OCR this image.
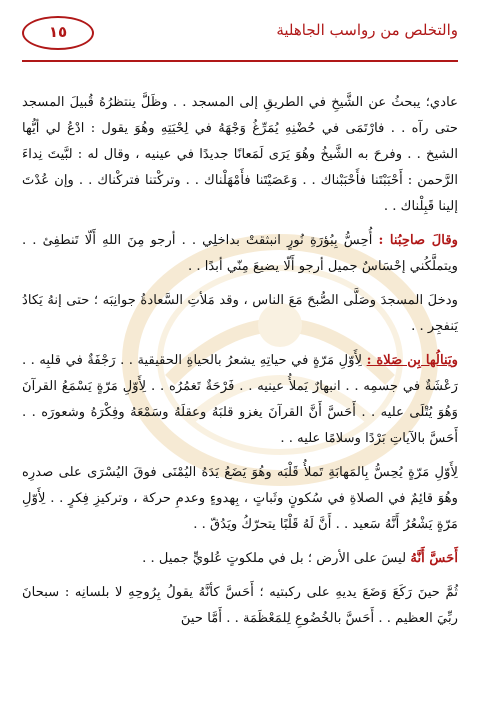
١٥	والتخلص من رواسب الجاهلية

عادي؛ يبحثُ عن الشَّيخِ في الطريقِ إلى المسجد . . وظَلَّ ينتظرُهُ قُبيلَ المسجد حتى رآه . . فارْتَمَى في حُضْنِهِ يُمَرِّغُ وَجْهَهُ في لِحْيَتِهِ وهُوَ يقول : ادْعُ لي أيُّها الشيخ . . وفرحَ به الشَّيخُ وهُوَ يَرَى لَمَعانًا جديدًا في عينيه ، وقال له : لبَّيتَ نِداءَ الرَّحمن : أَحْبَبْتَنا فأَحْبَبْناك . . وَعَصَيْتَنا فأَمْهَلْناك . . وتركْتنا فتركْناك . . وإن عُدْتَ إلينا قَبِلْناك . .

وقالَ صاحِبُنا : أُحِسُّ بِبُؤرَةِ نُورٍ انبثقتْ بداخلِي . . أرجو مِنَ اللهِ أَلّا تَنطفِئ . . ويتملَّكُني إحْسَاسٌ جميل أرجو أَلّا يضيعَ مِنّي أبدًا . .

ودخلَ المسجدَ وصَلَّى الصُّبحَ مَعَ الناس ، وقد مَلأتِ السَّعادةُ جوانِبَه ؛ حتى إنهُ يَكادُ يَنفجِر . .

ويَنالُها بِن صَلاة : لِأَوّلِ مَرّةٍ في حياتِهِ يشعرُ بالحياةِ الحقيقية . . رَجْفَةٌ في قلبِه . . رَعْشَةٌ في جسمِه . . انبهارٌ يَملأُ عينيه . . فَرْحَةٌ تَغمُرُه . . لِأَوّلِ مَرّةٍ يَسْمَعُ القرآنَ وَهُوَ يُتْلَى عليه . . أَحَسَّ أَنَّ القرآنَ يغزو قلبَهُ وعقلَهُ وسَمْعَهُ وفِكْرَهُ وشعورَه . . أَحَسَّ بالآياتِ بَرْدًا وسلامًا عليه . .

لِأَوّلِ مَرّةٍ يُحِسُّ بِالمَهابَةِ تَملأُ قَلْبَه وهُوَ يَضَعُ يَدَهُ اليُمْنَى فوقَ اليُسْرَى على صدرِه وهُوَ قائِمٌ في الصلاةِ في سُكونٍ وثَباتٍ ، بِهدوءٍ وعدمِ حركة ، وتركيزِ فِكرٍ . . لِأَوّلِ مَرّةٍ يَشْعُرُ أَنَّهُ سَعيد . . أَنَّ لَهُ قَلْبًا يتحرّكُ ويَدُقّ . .

أَحَسَّ أَنَّهُ ليسَ على الأرض ؛ بل في ملكوتٍ عُلويٍّ جميل . .

ثُمَّ حينَ رَكَعَ وَضَعَ يديهِ على ركبتيه ؛ أَحَسَّ كأنَّهُ يقولُ بِرُوحِهِ لا بلسانِه : سبحانَ ربِّيَ العظيم . . أَحَسَّ بالخُضُوعِ لِلمَعْظَمَة . . أَمَّا حينَ
